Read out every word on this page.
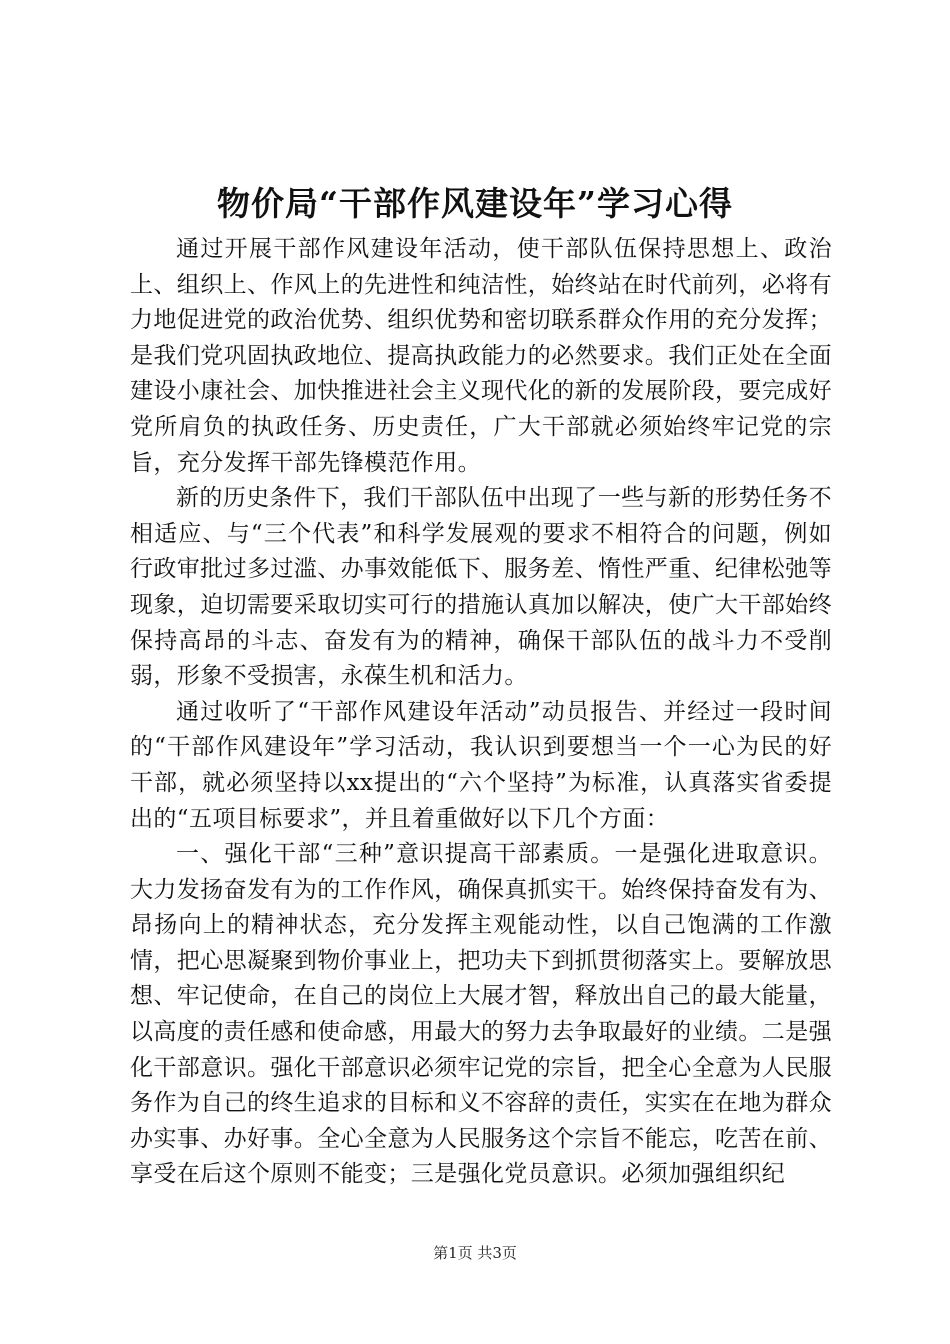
物价局“干部作风建设年”学习心得

通过开展干部作风建设年活动，使干部队伍保持思想上、政治上、组织上、作风上的先进性和纯洁性，始终站在时代前列，必将有力地促进党的政治优势、组织优势和密切联系群众作用的充分发挥；是我们党巩固执政地位、提高执政能力的必然要求。我们正处在全面建设小康社会、加快推进社会主义现代化的新的发展阶段，要完成好党所肩负的执政任务、历史责任，广大干部就必须始终牢记党的宗旨，充分发挥干部先锋模范作用。

新的历史条件下，我们干部队伍中出现了一些与新的形势任务不相适应、与“三个代表”和科学发展观的要求不相符合的问题，例如行政审批过多过滥、办事效能低下、服务差、惰性严重、纪律松弛等现象，迫切需要采取切实可行的措施认真加以解决，使广大干部始终保持高昂的斗志、奋发有为的精神，确保干部队伍的战斗力不受削弱，形象不受损害，永葆生机和活力。

通过收听了“干部作风建设年活动”动员报告、并经过一段时间的“干部作风建设年”学习活动，我认识到要想当一个一心为民的好干部，就必须坚持以xx提出的“六个坚持”为标准，认真落实省委提出的“五项目标要求”，并且着重做好以下几个方面：

一、强化干部“三种”意识提高干部素质。一是强化进取意识。大力发扬奋发有为的工作作风，确保真抓实干。始终保持奋发有为、昂扬向上的精神状态，充分发挥主观能动性，以自己饱满的工作激情，把心思凝聚到物价事业上，把功夫下到抓贯彻落实上。要解放思想、牢记使命，在自己的岗位上大展才智，释放出自己的最大能量，以高度的责任感和使命感，用最大的努力去争取最好的业绩。二是强化干部意识。强化干部意识必须牢记党的宗旨，把全心全意为人民服务作为自己的终生追求的目标和义不容辞的责任，实实在在地为群众办实事、办好事。全心全意为人民服务这个宗旨不能忘，吃苦在前、享受在后这个原则不能变；三是强化党员意识。必须加强组织纪

第1页 共3页
